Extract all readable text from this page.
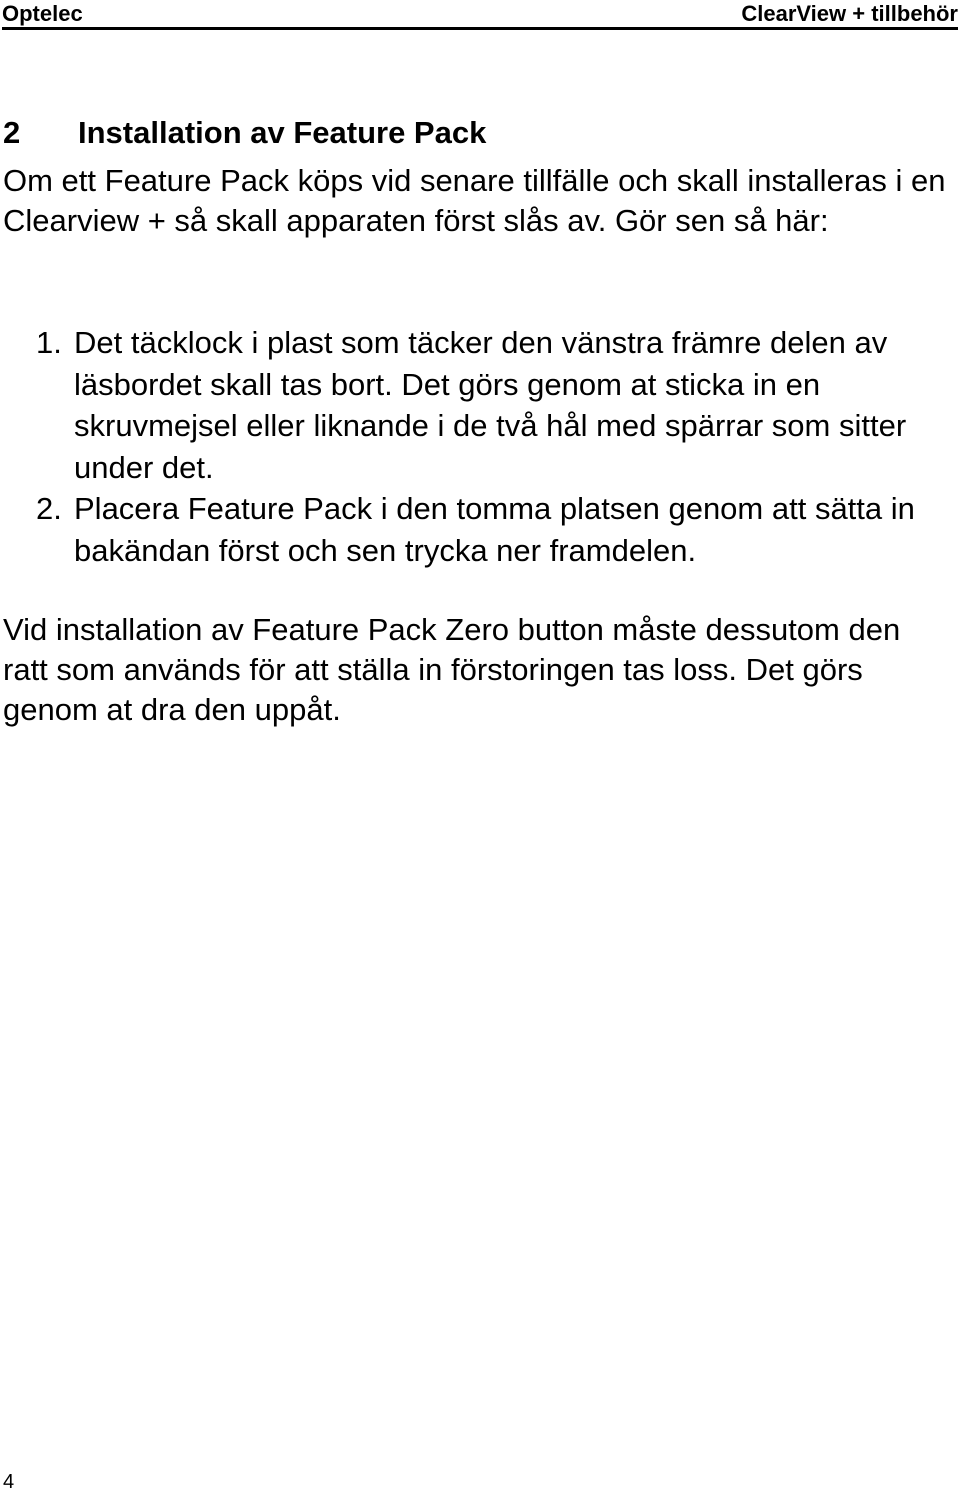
Optelec	ClearView + tillbehör
2 Installation av Feature Pack

Om ett Feature Pack köps vid senare tillfälle och skall installeras i en Clearview + så skall apparaten först slås av. Gör sen så här:

1. Det täcklock i plast som täcker den vänstra främre delen av läsbordet skall tas bort. Det görs genom at sticka in en skruvmejsel eller liknande i de två hål med spärrar som sitter under det.
2. Placera Feature Pack i den tomma platsen genom att sätta in bakändan först och sen trycka ner framdelen.

Vid installation av Feature Pack Zero button måste dessutom den ratt som används för att ställa in förstoringen tas loss. Det görs genom at dra den uppåt.

4
